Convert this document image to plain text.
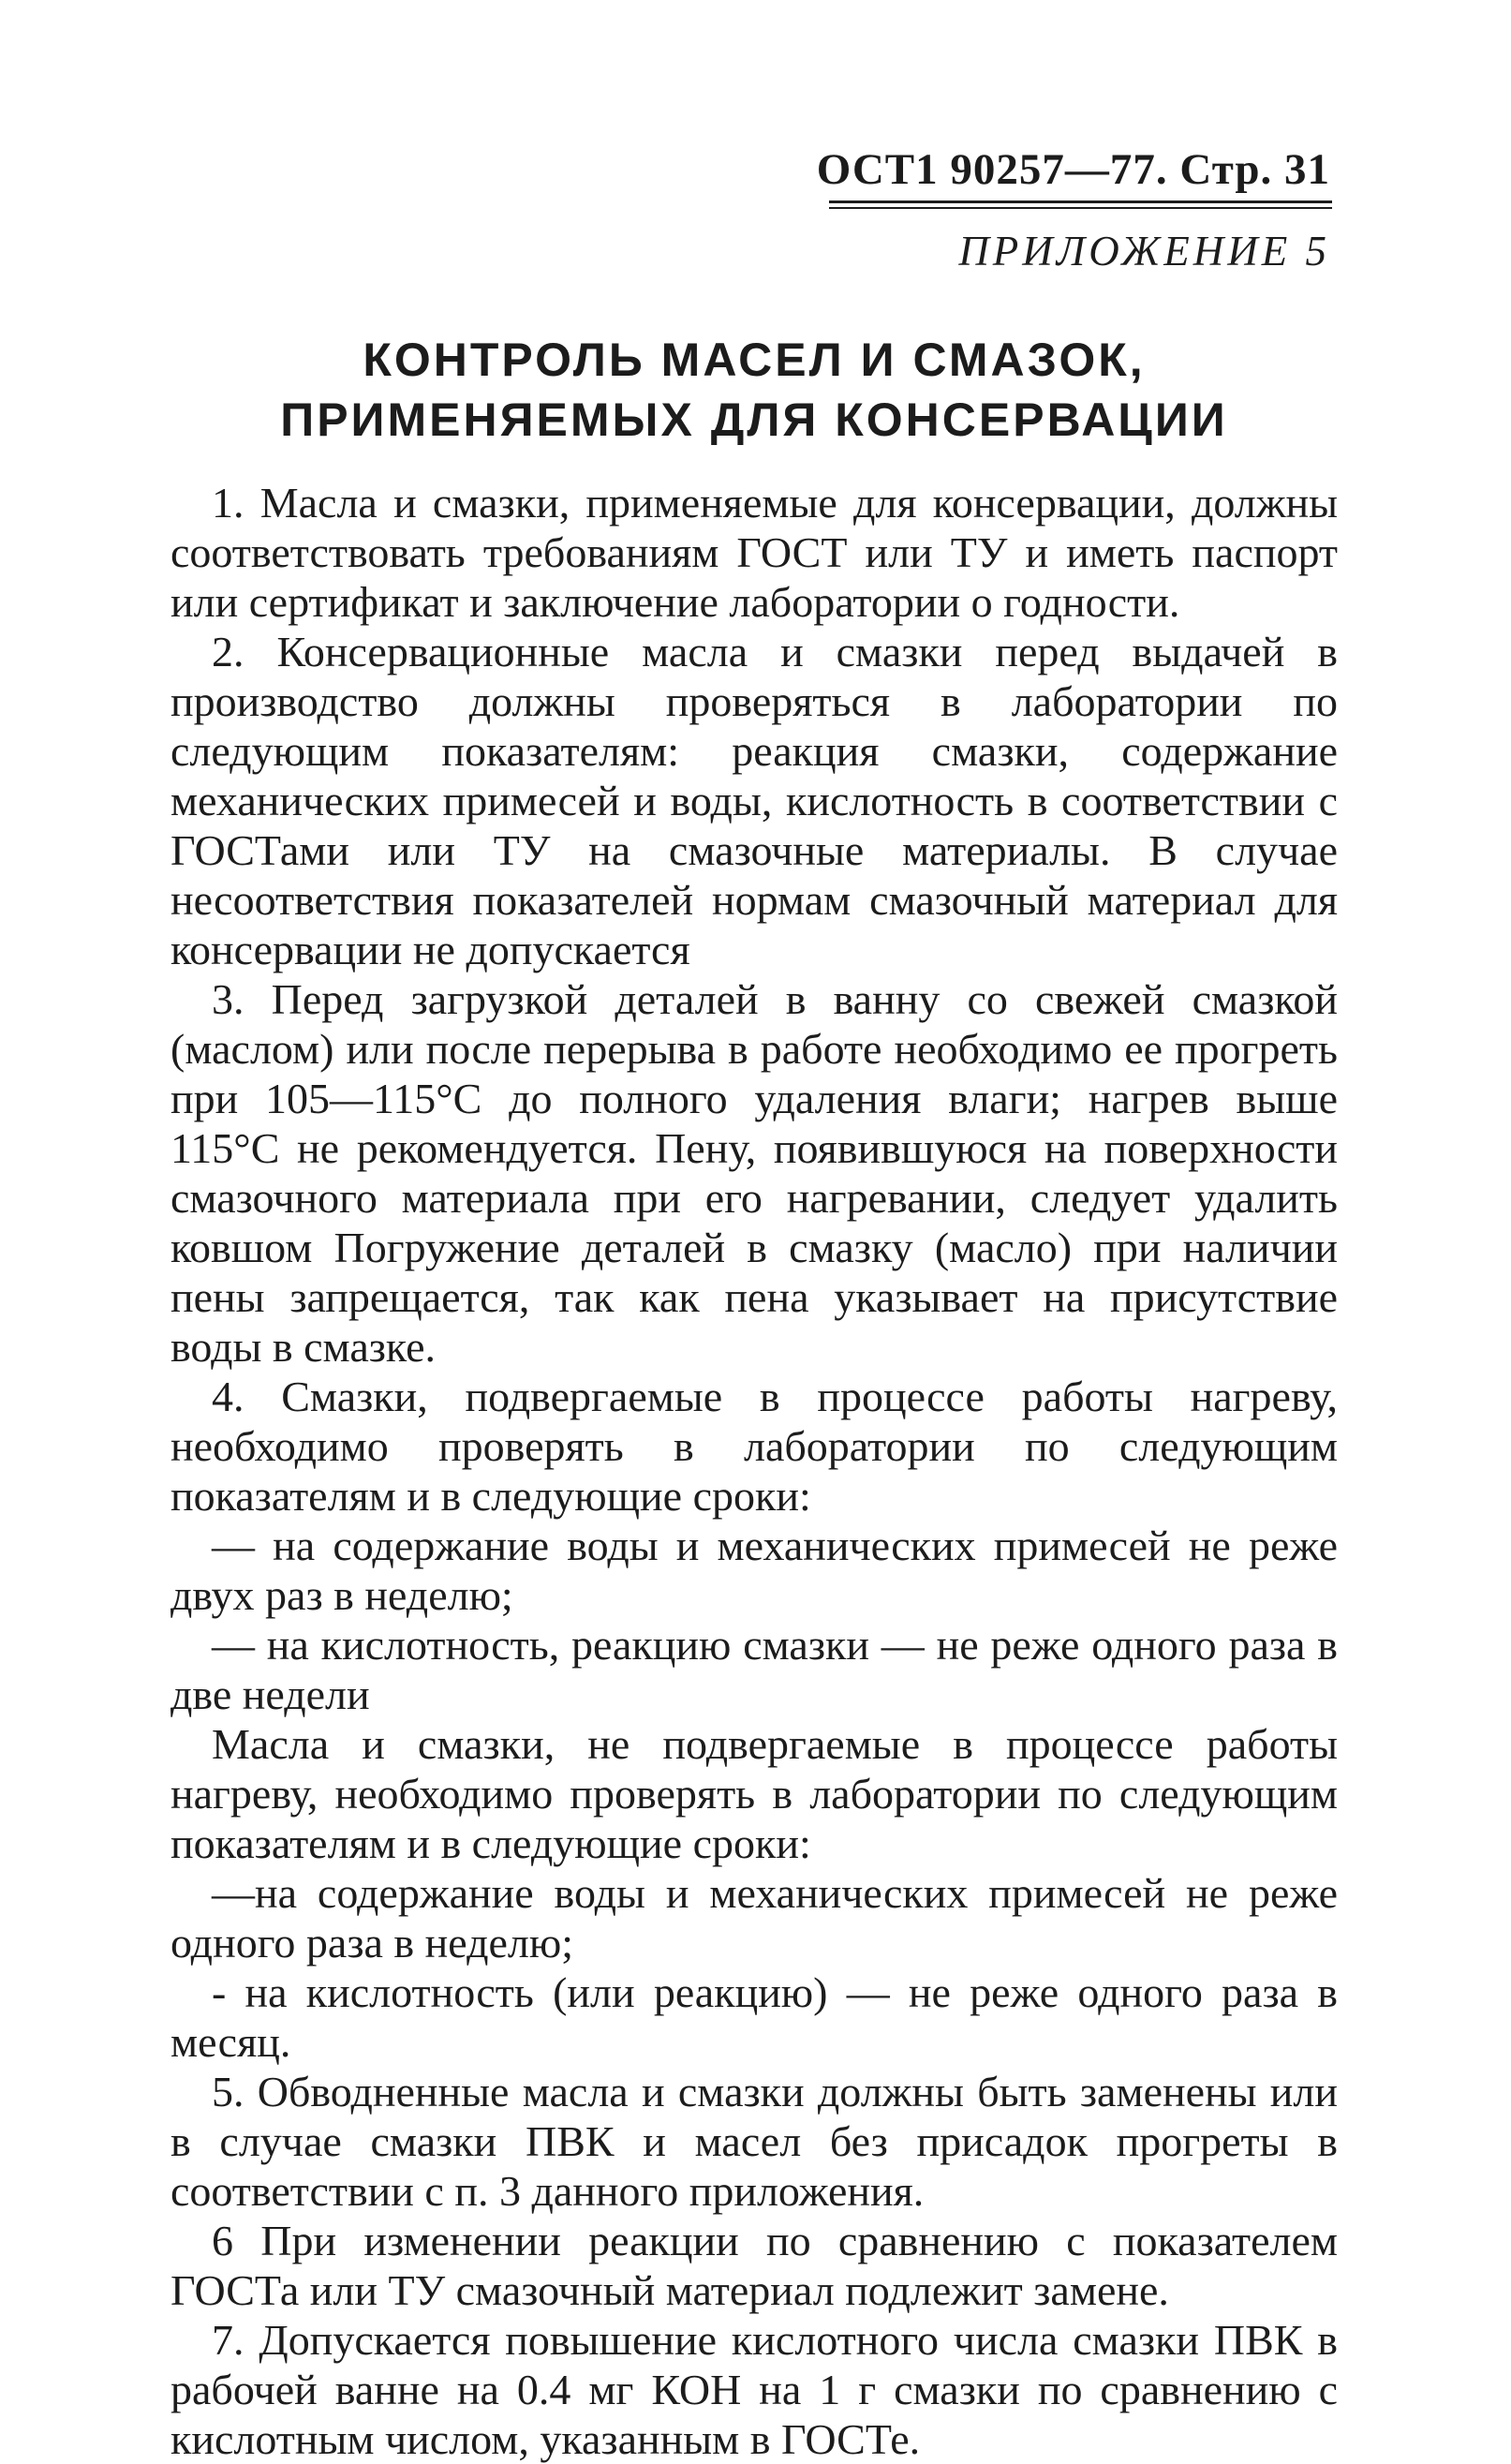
ОСТ1 90257—77. Стр. 31
ПРИЛОЖЕНИЕ 5
КОНТРОЛЬ МАСЕЛ И СМАЗОК, ПРИМЕНЯЕМЫХ ДЛЯ КОНСЕРВАЦИИ

1. Масла и смазки, применяемые для консервации, должны соответствовать требованиям ГОСТ или ТУ и иметь паспорт или сертификат и заключение лаборатории о годности.

2. Консервационные масла и смазки перед выдачей в производство должны проверяться в лаборатории по следующим показателям: реакция смазки, содержание механических примесей и воды, кислотность в соответствии с ГОСТами или ТУ на смазочные материалы. В случае несоответствия показателей нормам смазочный материал для консервации не допускается

3. Перед загрузкой деталей в ванну со свежей смазкой (маслом) или после перерыва в работе необходимо ее прогреть при 105—115°С до полного удаления влаги; нагрев выше 115°С не рекомендуется. Пену, появившуюся на поверхности смазочного материала при его нагревании, следует удалить ковшом Погружение деталей в смазку (масло) при наличии пены запрещается, так как пена указывает на присутствие воды в смазке.

4. Смазки, подвергаемые в процессе работы нагреву, необходимо проверять в лаборатории по следующим показателям и в следующие сроки:

— на содержание воды и механических примесей не реже двух раз в неделю;

— на кислотность, реакцию смазки — не реже одного раза в две недели

Масла и смазки, не подвергаемые в процессе работы нагреву, необходимо проверять в лаборатории по следующим показателям и в следующие сроки:

—на содержание воды и механических примесей не реже одного раза в неделю;

- на кислотность (или реакцию) — не реже одного раза в месяц.

5. Обводненные масла и смазки должны быть заменены или в случае смазки ПВК и масел без присадок прогреты в соответствии с п. 3 данного приложения.

6 При изменении реакции по сравнению с показателем ГОСТа или ТУ смазочный материал подлежит замене.

7. Допускается повышение кислотного числа смазки ПВК в рабочей ванне на 0.4 мг КОН на 1 г смазки по сравнению с кислотным числом, указанным в ГОСТе.
